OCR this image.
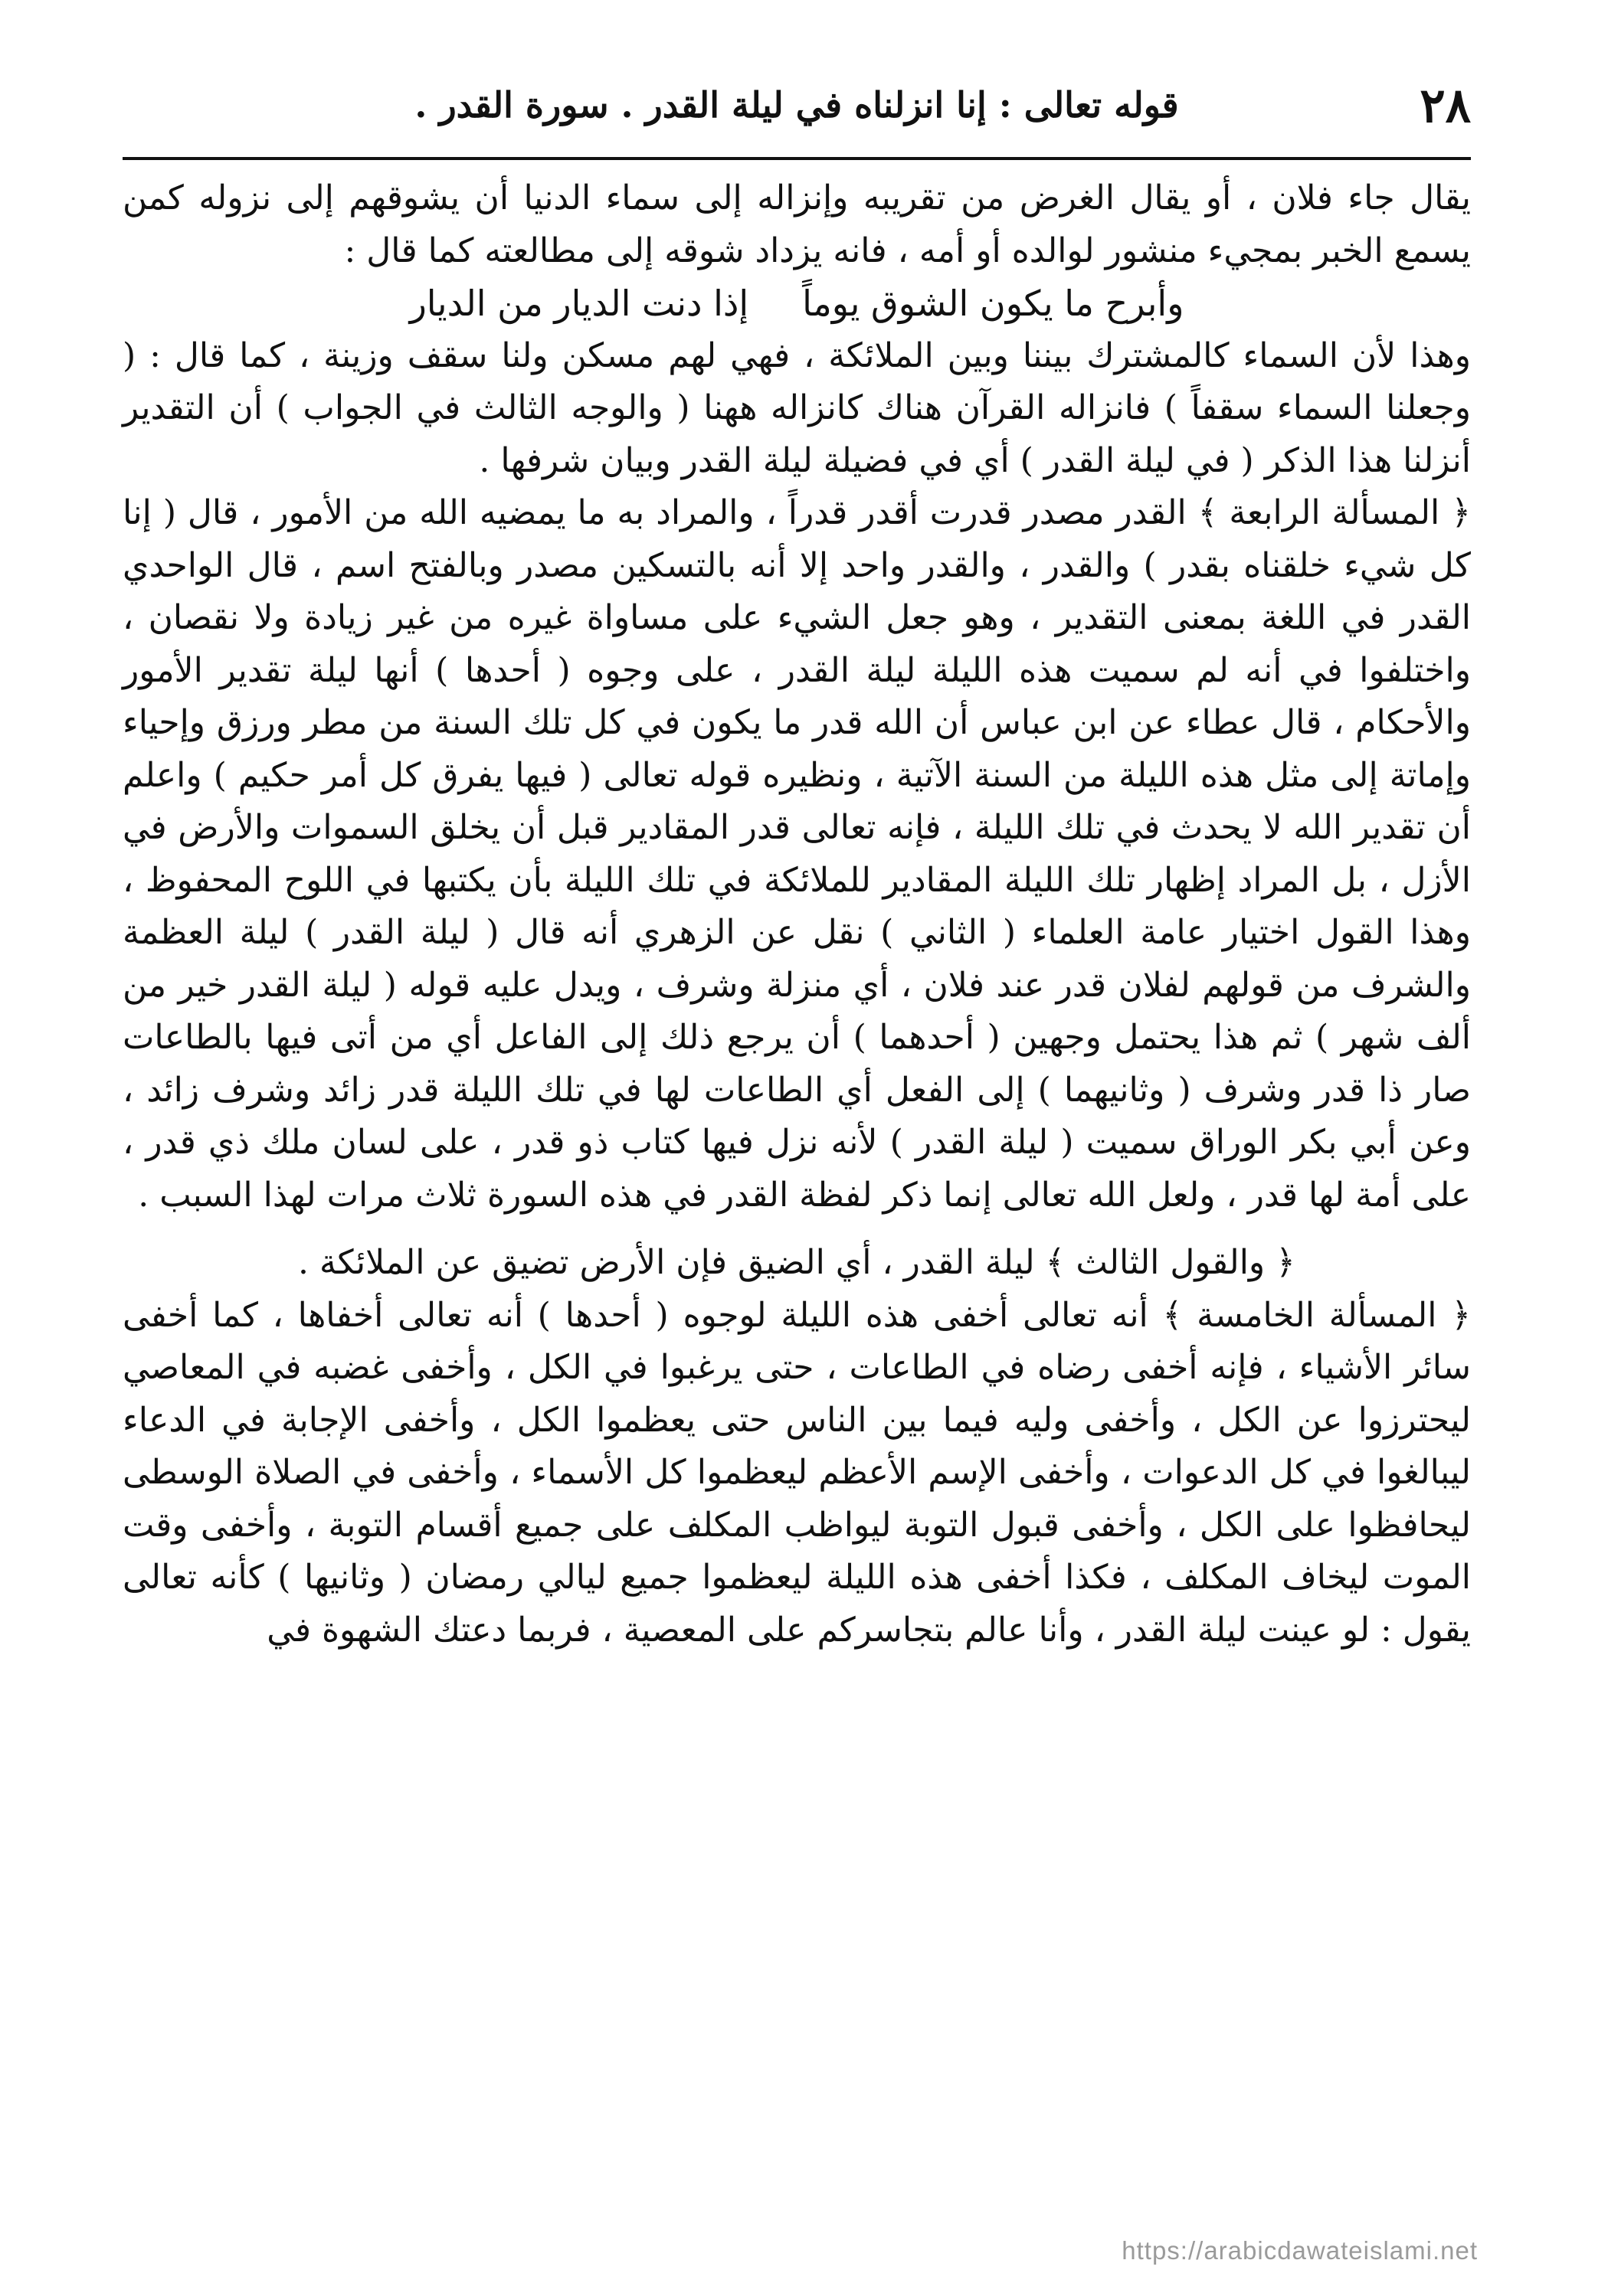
٢٨
قوله تعالى : إنا انزلناه في ليلة القدر . سورة القدر .

يقال جاء فلان ، أو يقال الغرض من تقريبه وإنزاله إلى سماء الدنيا أن يشوقهم إلى نزوله كمن يسمع الخبر بمجيء منشور لوالده أو أمه ، فانه يزداد شوقه إلى مطالعته كما قال :

وأبرح ما يكون الشوق يوماً
إذا دنت الديار من الديار

وهذا لأن السماء كالمشترك بيننا وبين الملائكة ، فهي لهم مسكن ولنا سقف وزينة ، كما قال : ( وجعلنا السماء سقفاً ) فانزاله القرآن هناك كانزاله ههنا ( والوجه الثالث في الجواب ) أن التقدير أنزلنا هذا الذكر ( في ليلة القدر ) أي في فضيلة ليلة القدر وبيان شرفها .

﴿ المسألة الرابعة ﴾ القدر مصدر قدرت أقدر قدراً ، والمراد به ما يمضيه الله من الأمور ، قال ( إنا كل شيء خلقناه بقدر ) والقدر ، والقدر واحد إلا أنه بالتسكين مصدر وبالفتح اسم ، قال الواحدي القدر في اللغة بمعنى التقدير ، وهو جعل الشيء على مساواة غيره من غير زيادة ولا نقصان ، واختلفوا في أنه لم سميت هذه الليلة ليلة القدر ، على وجوه ( أحدها ) أنها ليلة تقدير الأمور والأحكام ، قال عطاء عن ابن عباس أن الله قدر ما يكون في كل تلك السنة من مطر ورزق وإحياء وإماتة إلى مثل هذه الليلة من السنة الآتية ، ونظيره قوله تعالى ( فيها يفرق كل أمر حكيم ) واعلم أن تقدير الله لا يحدث في تلك الليلة ، فإنه تعالى قدر المقادير قبل أن يخلق السموات والأرض في الأزل ، بل المراد إظهار تلك الليلة المقادير للملائكة في تلك الليلة بأن يكتبها في اللوح المحفوظ ، وهذا القول اختيار عامة العلماء ( الثاني ) نقل عن الزهري أنه قال ( ليلة القدر ) ليلة العظمة والشرف من قولهم لفلان قدر عند فلان ، أي منزلة وشرف ، ويدل عليه قوله ( ليلة القدر خير من ألف شهر ) ثم هذا يحتمل وجهين ( أحدهما ) أن يرجع ذلك إلى الفاعل أي من أتى فيها بالطاعات صار ذا قدر وشرف ( وثانيهما ) إلى الفعل أي الطاعات لها في تلك الليلة قدر زائد وشرف زائد ، وعن أبي بكر الوراق سميت ( ليلة القدر ) لأنه نزل فيها كتاب ذو قدر ، على لسان ملك ذي قدر ، على أمة لها قدر ، ولعل الله تعالى إنما ذكر لفظة القدر في هذه السورة ثلاث مرات لهذا السبب .

﴿ والقول الثالث ﴾ ليلة القدر ، أي الضيق فإن الأرض تضيق عن الملائكة .

﴿ المسألة الخامسة ﴾ أنه تعالى أخفى هذه الليلة لوجوه ( أحدها ) أنه تعالى أخفاها ، كما أخفى سائر الأشياء ، فإنه أخفى رضاه في الطاعات ، حتى يرغبوا في الكل ، وأخفى غضبه في المعاصي ليحترزوا عن الكل ، وأخفى وليه فيما بين الناس حتى يعظموا الكل ، وأخفى الإجابة في الدعاء ليبالغوا في كل الدعوات ، وأخفى الإسم الأعظم ليعظموا كل الأسماء ، وأخفى في الصلاة الوسطى ليحافظوا على الكل ، وأخفى قبول التوبة ليواظب المكلف على جميع أقسام التوبة ، وأخفى وقت الموت ليخاف المكلف ، فكذا أخفى هذه الليلة ليعظموا جميع ليالي رمضان ( وثانيها ) كأنه تعالى يقول : لو عينت ليلة القدر ، وأنا عالم بتجاسركم على المعصية ، فربما دعتك الشهوة في

https://arabicdawateislami.net
